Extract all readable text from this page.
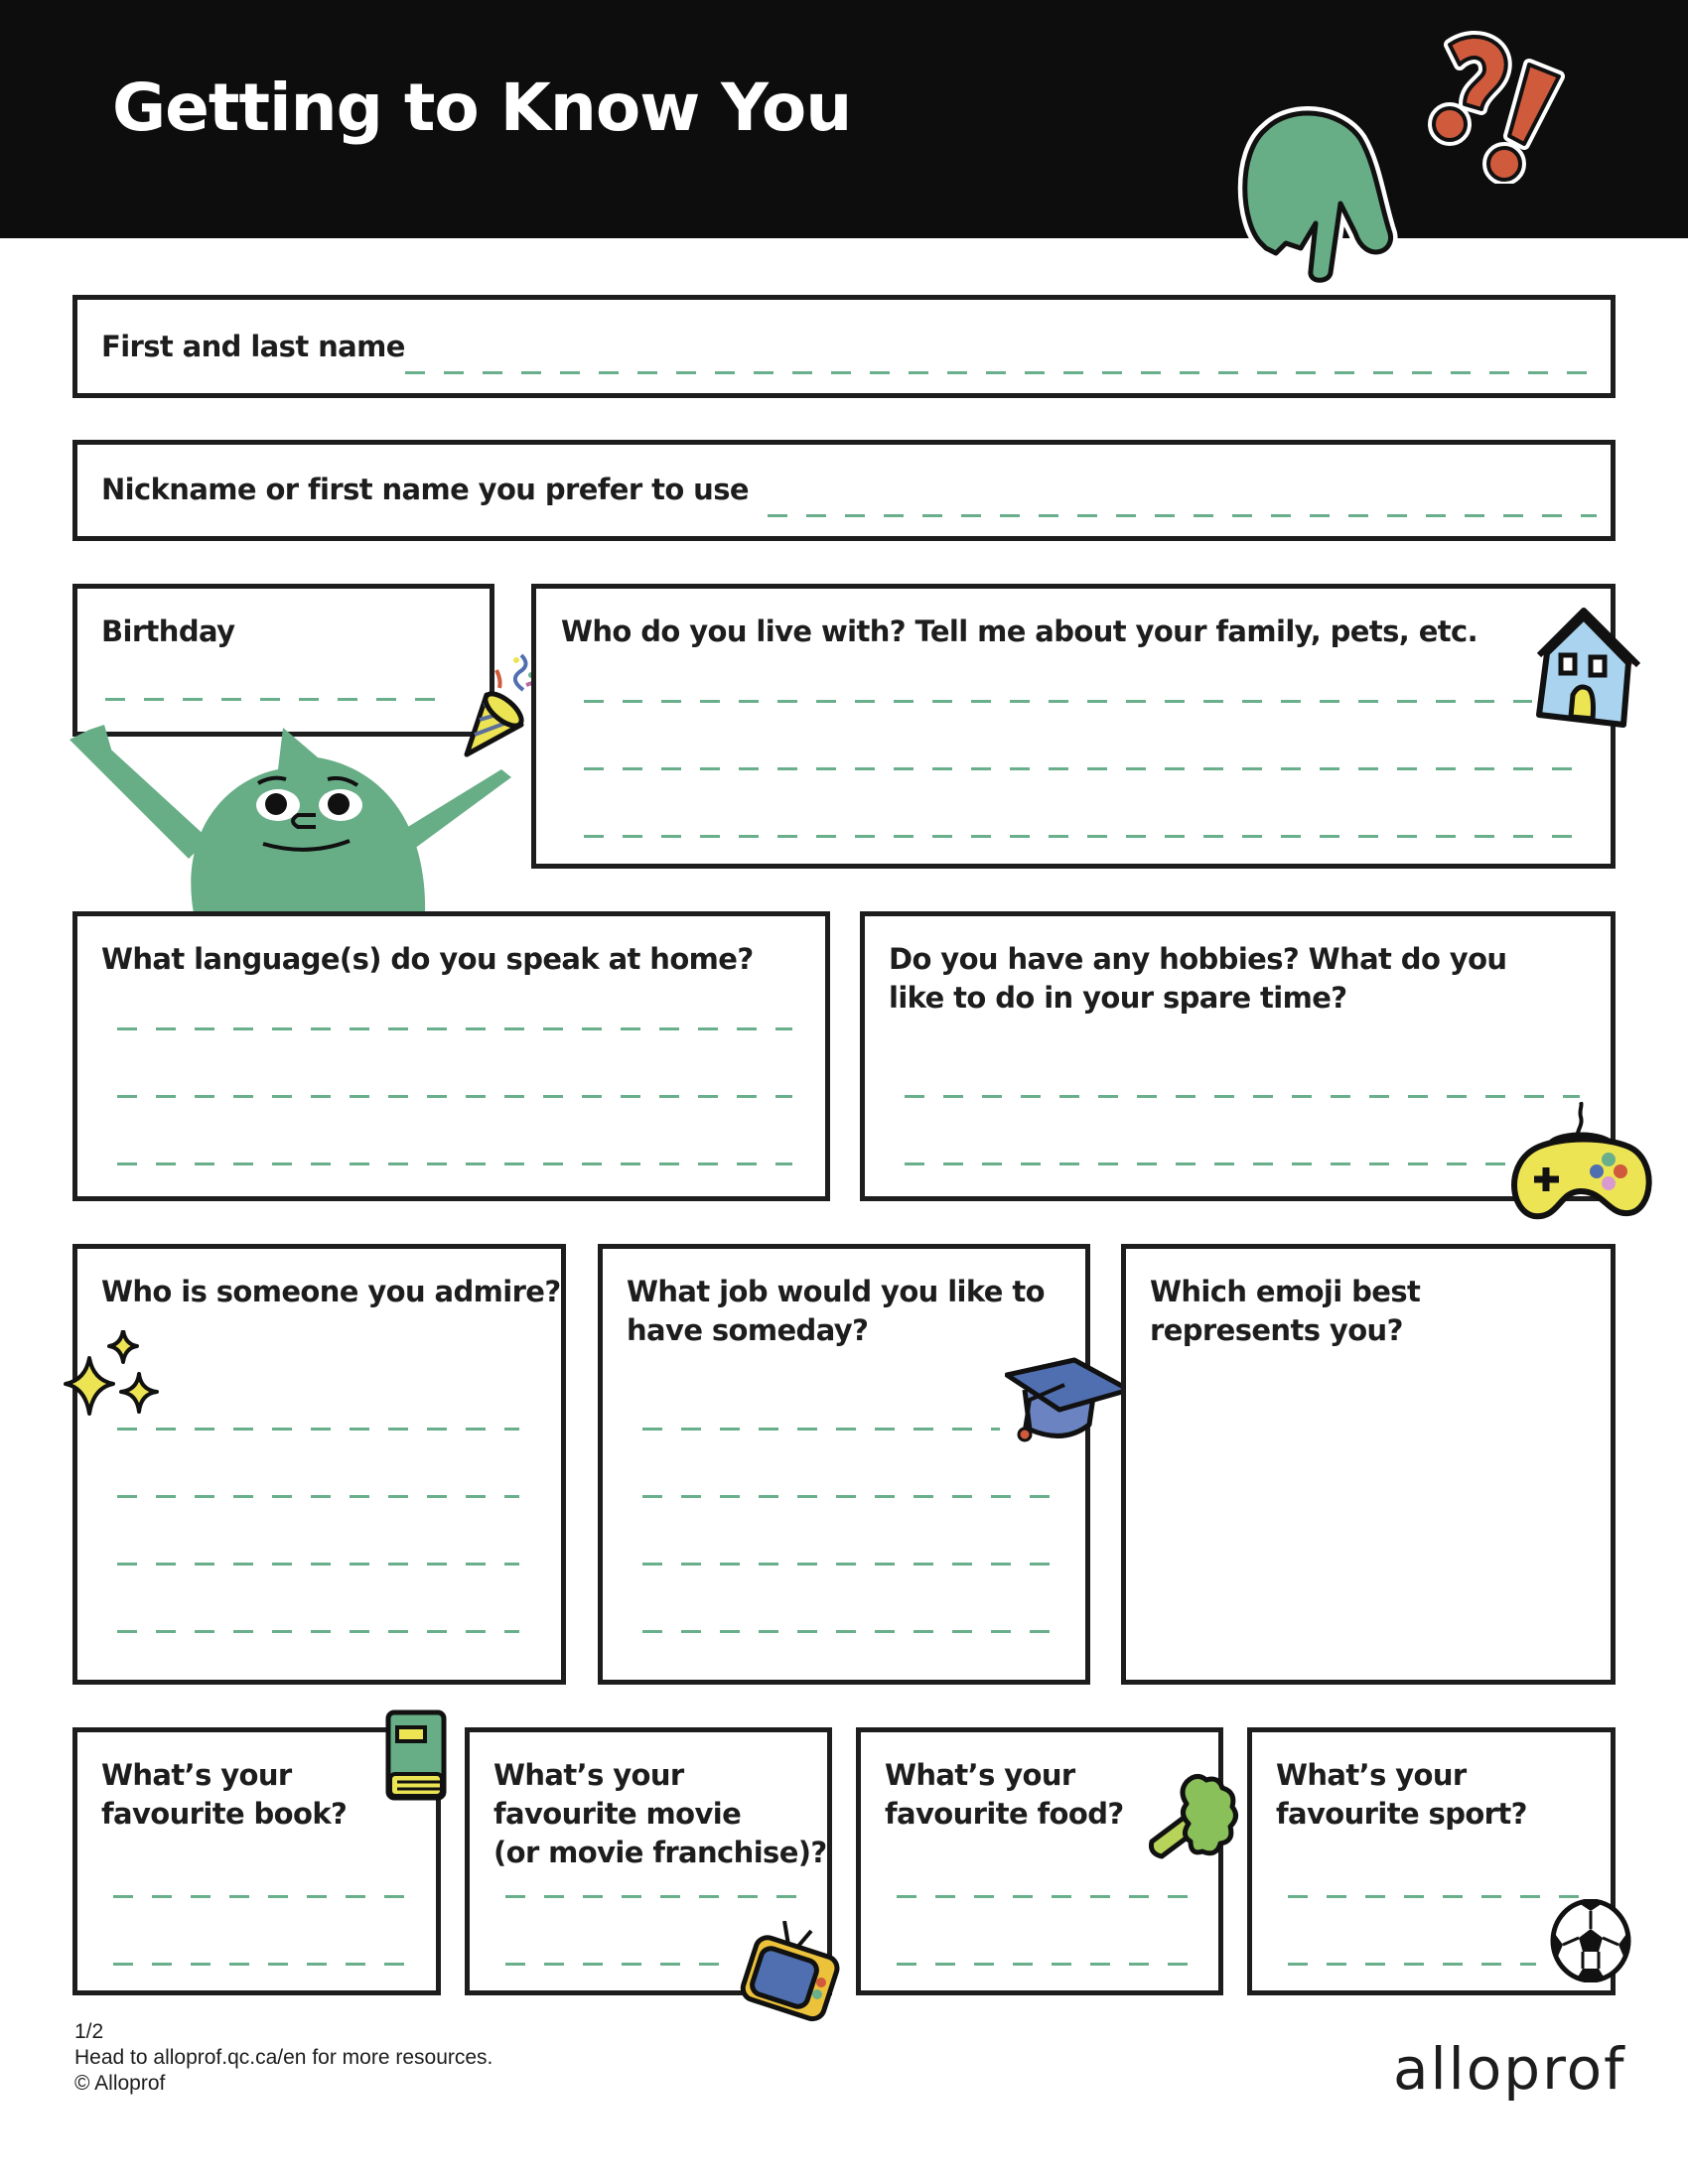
Getting to Know You
First and last name
Nickname or first name you prefer to use
Birthday	Who do you live with? Tell me about your family, pets, etc.
What language(s) do you speak at home?	Do you have any hobbies? What do you
like to do in your spare time?
Who is someone you admire? What job would you like to
have someday?
Which emoji best
represents you?
What’s your
favourite book?
What’s your
favourite movie
(or movie franchise)?
What’s your
favourite food?
What’s your
favourite sport?
1/2
Head to alloprof.qc.ca/en for more resources.
© Alloprof	alloprof
